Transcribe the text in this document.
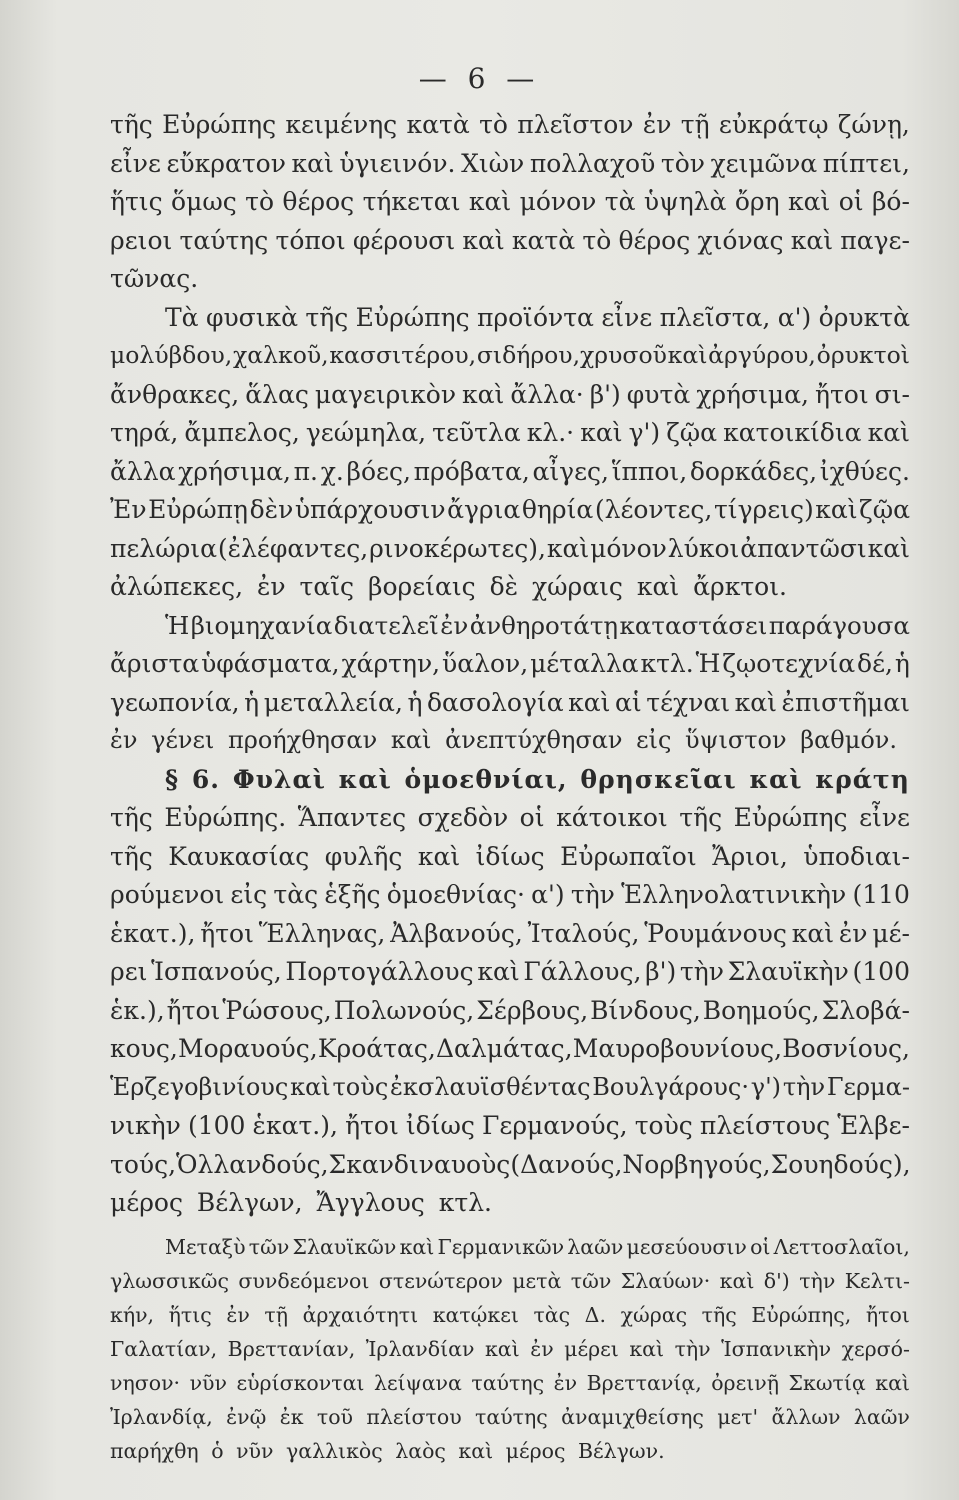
— 6 —
τῆς Εὐρώπης κειμένης κατὰ τὸ πλεῖστον ἐν τῇ εὐκράτῳ ζώνῃ,
εἶνε εὔκρατον καὶ ὑγιεινόν. Χιὼν πολλαχοῦ τὸν χειμῶνα πίπτει,
ἥτις ὅμως τὸ θέρος τήκεται καὶ μόνον τὰ ὑψηλὰ ὄρη καὶ οἱ βό-
ρειοι ταύτης τόποι φέρουσι καὶ κατὰ τὸ θέρος χιόνας καὶ παγε-
τῶνας.
Τὰ φυσικὰ τῆς Εὐρώπης προϊόντα εἶνε πλεῖστα, α') ὀρυκτὰ
μολύβδου, χαλκοῦ, κασσιτέρου, σιδήρου,χρυσοῦ καὶ ἀργύρου, ὀρυκτοὶ
ἄνθρακες, ἅλας μαγειρικὸν καὶ ἄλλα· β') φυτὰ χρήσιμα, ἤτοι σι-
τηρά, ἄμπελος, γεώμηλα, τεῦτλα κλ.· καὶ γ') ζῷα κατοικίδια καὶ
ἄλλα χρήσιμα, π. χ. βόες, πρόβατα, αἶγες, ἵπποι, δορκάδες, ἰχθύες.
Ἐν Εὐρώπῃ δὲν ὑπάρχουσιν ἄγρια θηρία (λέοντες, τίγρεις) καὶ ζῷα
πελώρια (ἐλέφαντες, ρινοκέρωτες), καὶ μόνον λύκοι ἀπαντῶσι καὶ
ἀλώπεκες, ἐν ταῖς βορείαις δὲ χώραις καὶ ἄρκτοι.
Ἡ βιομηχανία διατελεῖ ἐν ἀνθηροτάτῃ καταστάσει παράγουσα
ἄριστα ὑφάσματα, χάρτην, ὕαλον, μέταλλα κτλ. Ἡ ζῳοτεχνία δέ, ἡ
γεωπονία, ἡ μεταλλεία, ἡ δασολογία καὶ αἱ τέχναι καὶ ἐπιστῆμαι
ἐν γένει προήχθησαν καὶ ἀνεπτύχθησαν εἰς ὕψιστον βαθμόν.
§ 6. Φυλαὶ καὶ ὁμοεθνίαι, θρησκεῖαι καὶ κράτη
τῆς Εὐρώπης. Ἅπαντες σχεδὸν οἱ κάτοικοι τῆς Εὐρώπης εἶνε
τῆς Καυκασίας φυλῆς καὶ ἰδίως Εὐρωπαῖοι Ἄριοι, ὑποδιαι-
ρούμενοι εἰς τὰς ἑξῆς ὁμοεθνίας· α') τὴν Ἑλληνολατινικὴν (110
ἑκατ.), ἤτοι Ἕλληνας, Ἀλβανούς, Ἰταλούς, Ῥουμάνους καὶ ἐν μέ-
ρει Ἱσπανούς, Πορτογάλλους καὶ Γάλλους, β') τὴν Σλαυϊκὴν (100
ἑκ.), ἤτοι Ῥώσους, Πολωνούς, Σέρβους, Βίνδους, Βοημούς, Σλοβά-
κους, Μοραυούς, Κροάτας, Δαλμάτας, Μαυροβουνίους, Βοσνίους,
Ἑρζεγοβινίους καὶ τοὺς ἐκσλαυϊσθέντας Βουλγάρους· γ') τὴν Γερμα-
νικὴν (100 ἑκατ.), ἤτοι ἰδίως Γερμανούς, τοὺς πλείστους Ἑλβε-
τούς, Ὁλλανδούς, Σκανδιναυοὺς (Δανούς, Νορβηγούς, Σουηδούς),
μέρος Βέλγων, Ἄγγλους κτλ.
Μεταξὺ τῶν Σλαυϊκῶν καὶ Γερμανικῶν λαῶν μεσεύουσιν οἱ Λεττοσλαῖοι,
γλωσσικῶς συνδεόμενοι στενώτερον μετὰ τῶν Σλαύων· καὶ δ') τὴν Κελτι-
κήν, ἥτις ἐν τῇ ἀρχαιότητι κατῴκει τὰς Δ. χώρας τῆς Εὐρώπης, ἤτοι
Γαλατίαν, Βρεττανίαν, Ἰρλανδίαν καὶ ἐν μέρει καὶ τὴν Ἱσπανικὴν χερσό-
νησον· νῦν εὑρίσκονται λείψανα ταύτης ἐν Βρεττανίᾳ, ὀρεινῇ Σκωτίᾳ καὶ
Ἰρλανδίᾳ, ἐνῷ ἐκ τοῦ πλείστου ταύτης ἀναμιχθείσης μετ' ἄλλων λαῶν
παρήχθη ὁ νῦν γαλλικὸς λαὸς καὶ μέρος Βέλγων.
